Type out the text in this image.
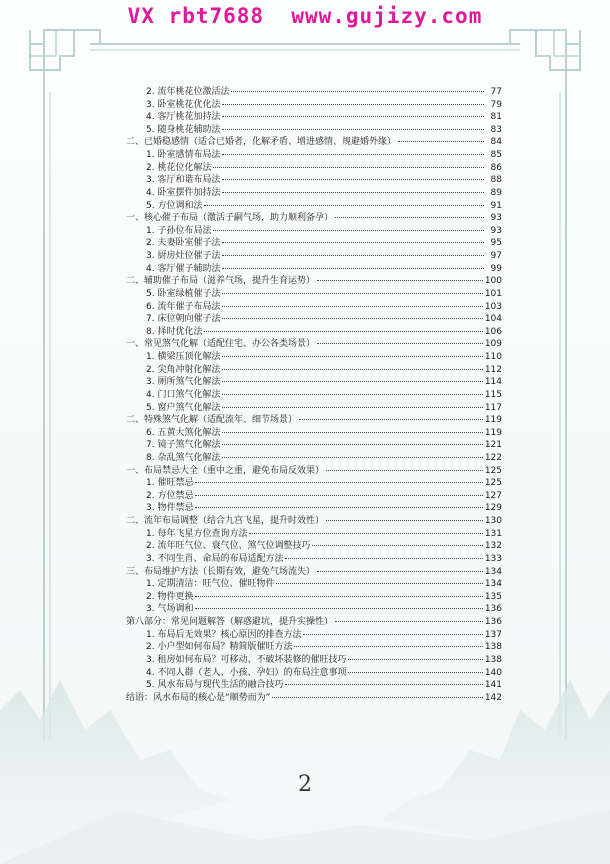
2. 流年桃花位激活法	77
3. 卧室桃花优化法	79
4. 客厅桃花加持法	81
5. 随身桃花辅助法	83
二、已婚稳感情（适合已婚者，化解矛盾、增进感情、规避婚外缘）	84
1. 卧室感情布局法	85
2. 桃花位化解法	86
3. 客厅和谐布局法	88
4. 卧室摆件加持法	89
5. 方位调和法	91
一、核心催子布局（激活子嗣气场，助力顺利备孕）	93
1. 子孙位布局法	93
2. 夫妻卧室催子法	95
3. 厨房灶位催子法	97
4. 客厅催子辅助法	99
二、辅助催子布局（滋养气场，提升生育运势）	100
5. 卧室绿植催子法	101
6. 流年催子布局法	103
7. 床位朝向催子法	104
8. 择时优化法	106
一、常见煞气化解（适配住宅、办公各类场景）	109
1. 横梁压顶化解法	110
2. 尖角冲射化解法	112
3. 厕所煞气化解法	114
4. 门口煞气化解法	115
5. 窗户煞气化解法	117
二、特殊煞气化解（适配流年、细节场景）	119
6. 五黄大煞化解法	119
7. 镜子煞气化解法	121
8. 杂乱煞气化解法	122
一、布局禁忌大全（重中之重，避免布局反效果）	125
1. 催旺禁忌	125
2. 方位禁忌	127
3. 物件禁忌	129
二、流年布局调整（结合九宫飞星，提升时效性）	130
1. 每年飞星方位查询方法	131
2. 流年旺气位、衰气位、煞气位调整技巧	132
3. 不同生肖、命局的布局适配方法	133
三、布局维护方法（长期有效，避免气场流失）	134
1. 定期清洁：旺气位、催旺物件	134
2. 物件更换	135
3. 气场调和	136
第八部分：常见问题解答（解惑避坑，提升实操性）	136
1. 布局后无效果？核心原因的排查方法	137
2. 小户型如何布局？精简版催旺方法	138
3. 租房如何布局？可移动、不破坏装修的催旺技巧	138
4. 不同人群（老人、小孩、孕妇）的布局注意事项	140
5. 风水布局与现代生活的融合技巧	141
结语：风水布局的核心是“顺势而为”	142
2
VX rbt7688  www.gujizy.com
